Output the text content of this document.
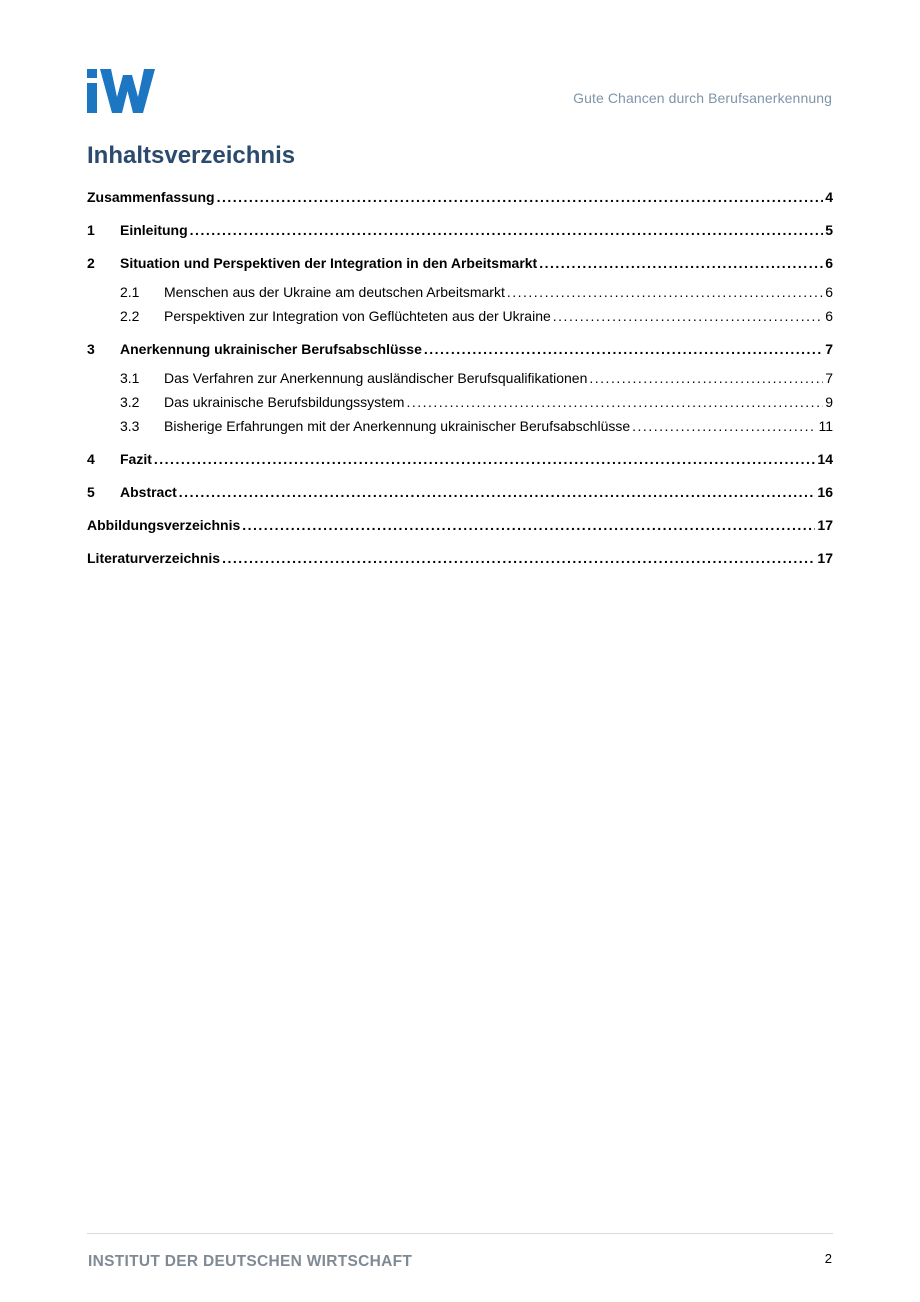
Gute Chancen durch Berufsanerkennung
Inhaltsverzeichnis
Zusammenfassung .....	4
1	Einleitung .....	5
2	Situation und Perspektiven der Integration in den Arbeitsmarkt .....	6
2.1	Menschen aus der Ukraine am deutschen Arbeitsmarkt .....	6
2.2	Perspektiven zur Integration von Geflüchteten aus der Ukraine .....	6
3	Anerkennung ukrainischer Berufsabschlüsse .....	7
3.1	Das Verfahren zur Anerkennung ausländischer Berufsqualifikationen .....	7
3.2	Das ukrainische Berufsbildungssystem .....	9
3.3	Bisherige Erfahrungen mit der Anerkennung ukrainischer Berufsabschlüsse .....	11
4	Fazit .....	14
5	Abstract .....	16
Abbildungsverzeichnis .....	17
Literaturverzeichnis .....	17
INSTITUT DER DEUTSCHEN WIRTSCHAFT	2
